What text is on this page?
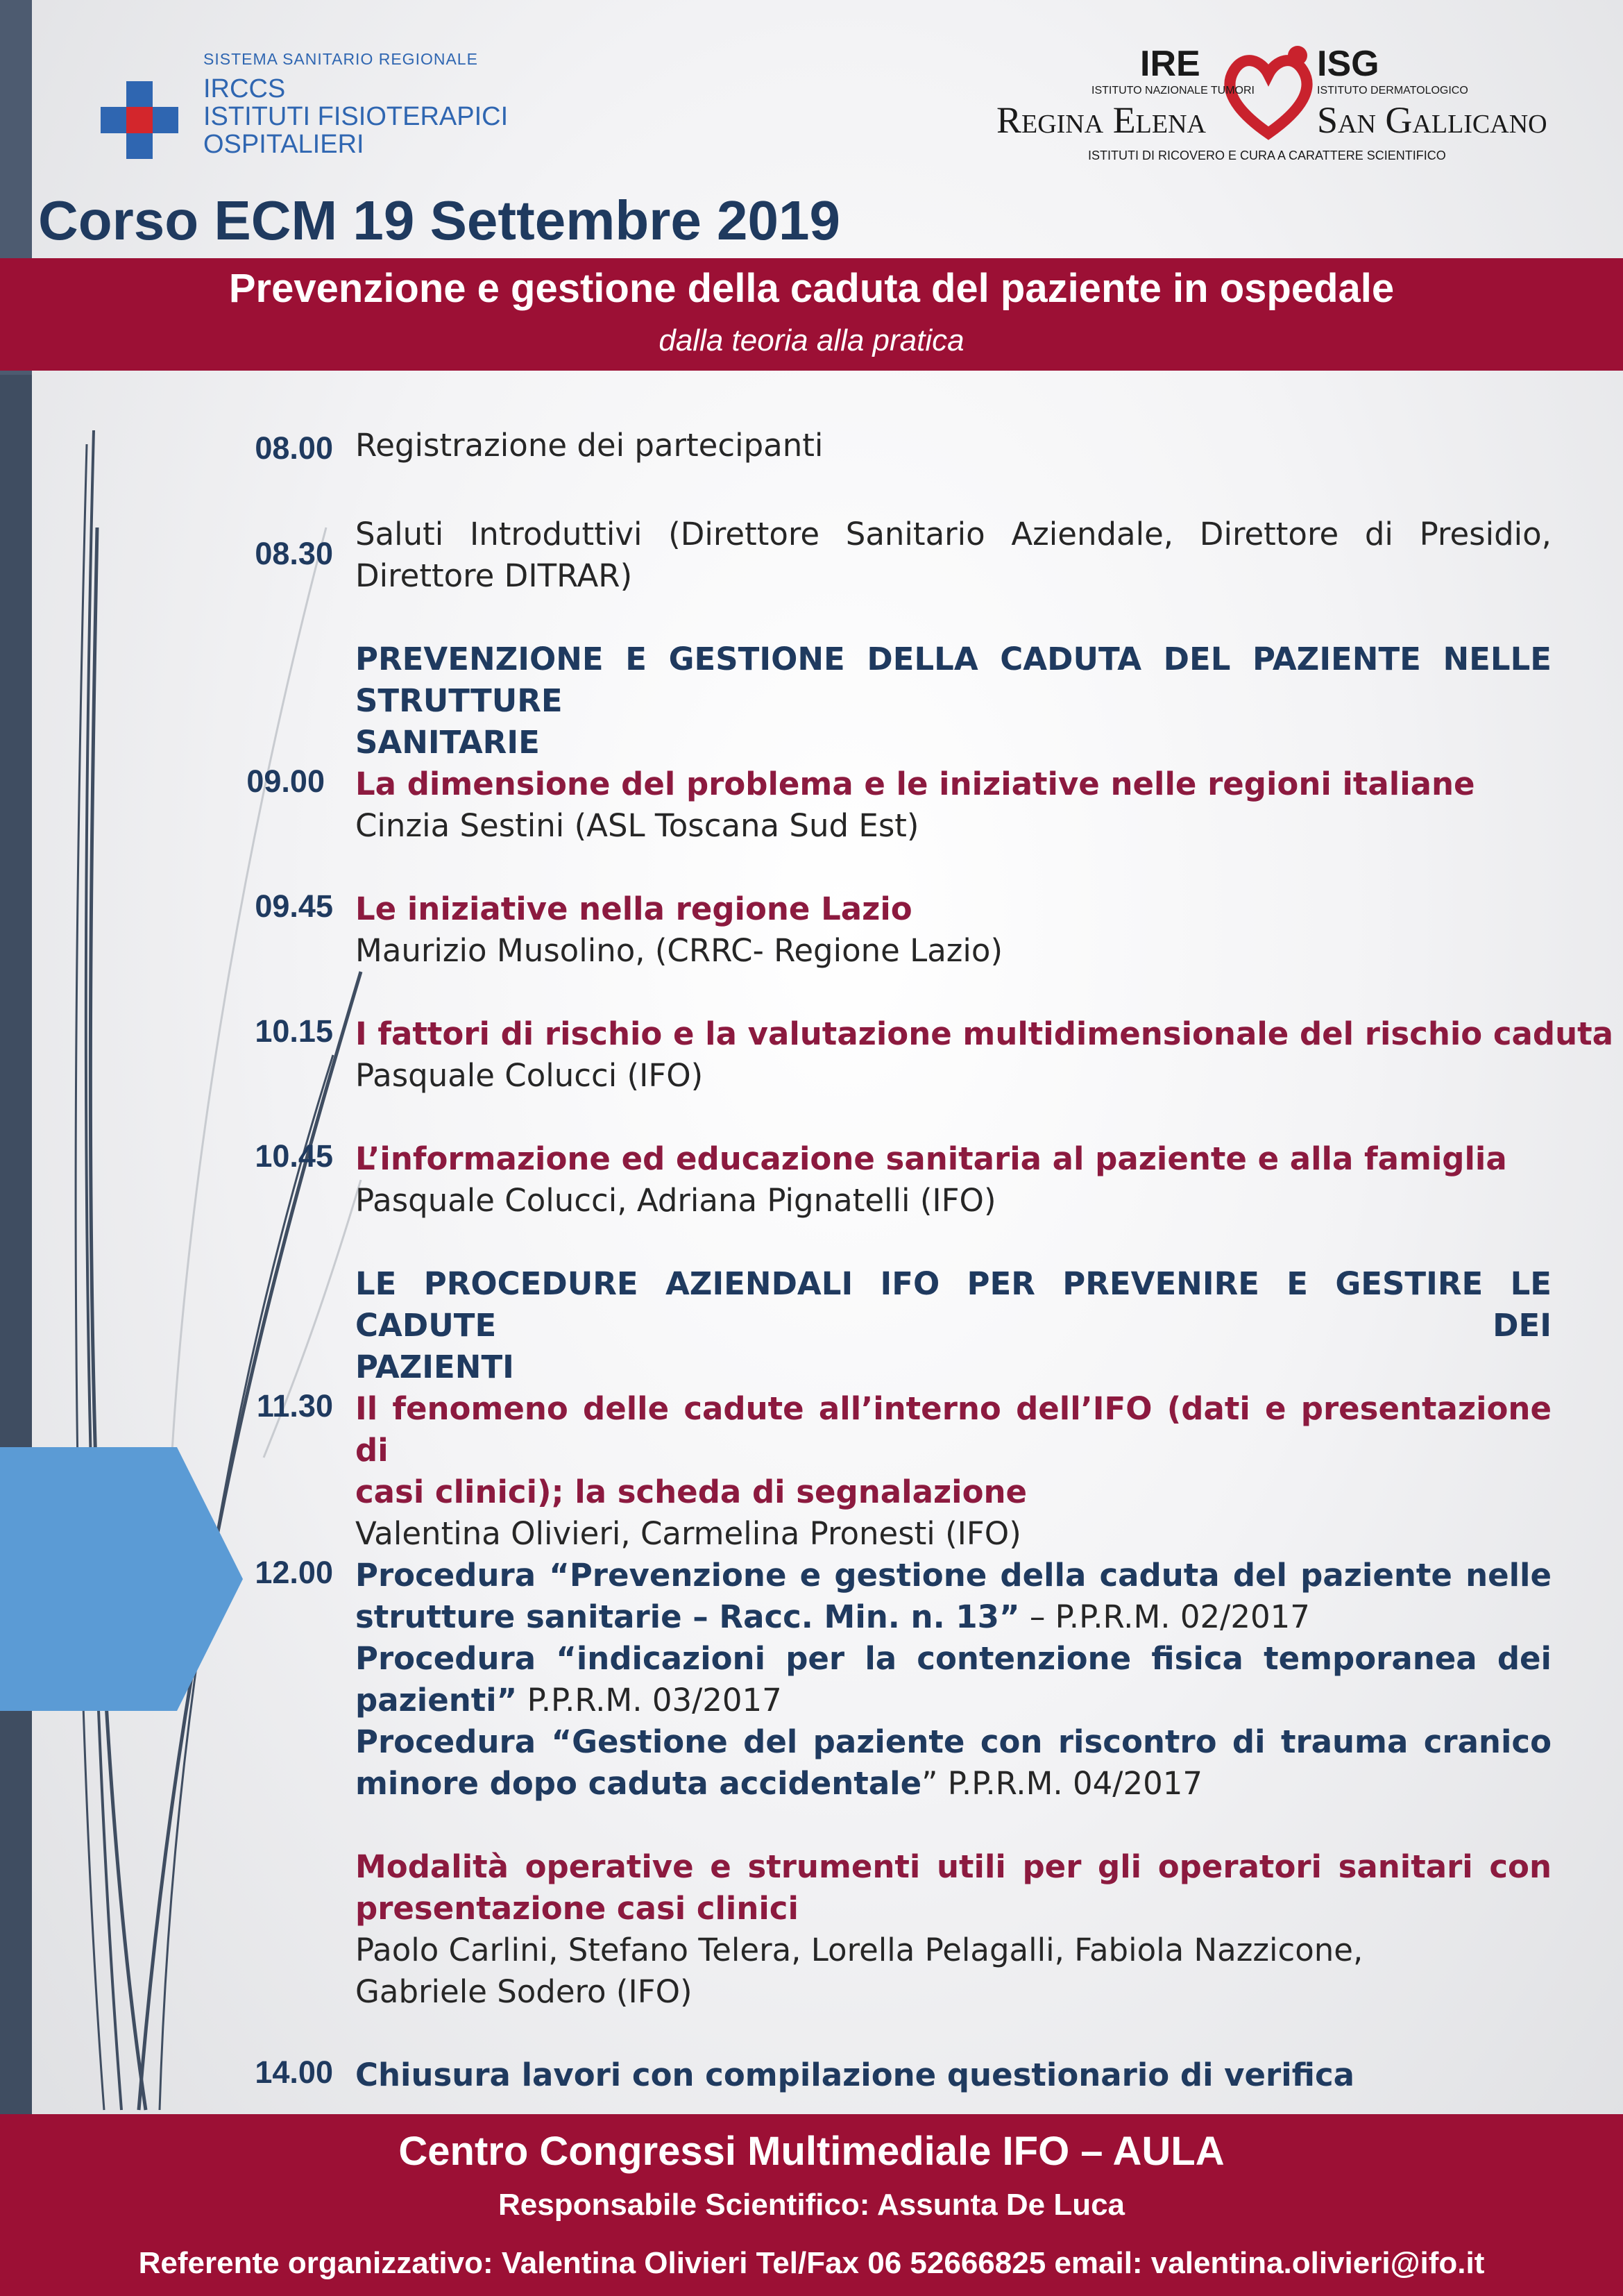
SISTEMA SANITARIO REGIONALE
IRCCS
ISTITUTI FISIOTERAPICI
OSPITALIERI
IRE	ISG
ISTITUTO NAZIONALE TUMORI	ISTITUTO DERMATOLOGICO
Regina Elena	San Gallicano
ISTITUTI DI RICOVERO E CURA A CARATTERE SCIENTIFICO
Corso ECM 19 Settembre 2019
Prevenzione e gestione della caduta del paziente in ospedale
dalla teoria alla pratica
08.00 Registrazione dei partecipanti
08.30
Saluti Introduttivi (Direttore Sanitario Aziendale, Direttore di Presidio,
Direttore DITRAR)
PREVENZIONE E GESTIONE DELLA CADUTA DEL PAZIENTE NELLE STRUTTURE
SANITARIE
09.00 La dimensione del problema e le iniziative nelle regioni italiane
Cinzia Sestini (ASL Toscana Sud Est)
09.45 Le iniziative nella regione Lazio
Maurizio Musolino, (CRRC- Regione Lazio)
10.15 I fattori di rischio e la valutazione multidimensionale del rischio caduta
Pasquale Colucci (IFO)
10.45 L’informazione ed educazione sanitaria al paziente e alla famiglia
Pasquale Colucci, Adriana Pignatelli (IFO)
LE PROCEDURE AZIENDALI IFO PER PREVENIRE E GESTIRE LE CADUTE DEI
PAZIENTI
11.30 Il fenomeno delle cadute all’interno dell’IFO (dati e presentazione di
casi clinici); la scheda di segnalazione
Valentina Olivieri, Carmelina Pronesti (IFO)
12.00 Procedura “Prevenzione e gestione della caduta del paziente nelle
strutture sanitarie – Racc. Min. n. 13” – P.P.R.M. 02/2017
Procedura “indicazioni per la contenzione fisica temporanea dei
pazienti” P.P.R.M. 03/2017
Procedura “Gestione del paziente con riscontro di trauma cranico
minore dopo caduta accidentale” P.P.R.M. 04/2017
Modalità operative e strumenti utili per gli operatori sanitari con
presentazione casi clinici
Paolo Carlini, Stefano Telera, Lorella Pelagalli, Fabiola Nazzicone,
Gabriele Sodero (IFO)
14.00 Chiusura lavori con compilazione questionario di verifica
Centro Congressi Multimediale IFO – AULA
Responsabile Scientifico: Assunta De Luca
Referente organizzativo: Valentina Olivieri Tel/Fax 06 52666825 email: valentina.olivieri@ifo.it
